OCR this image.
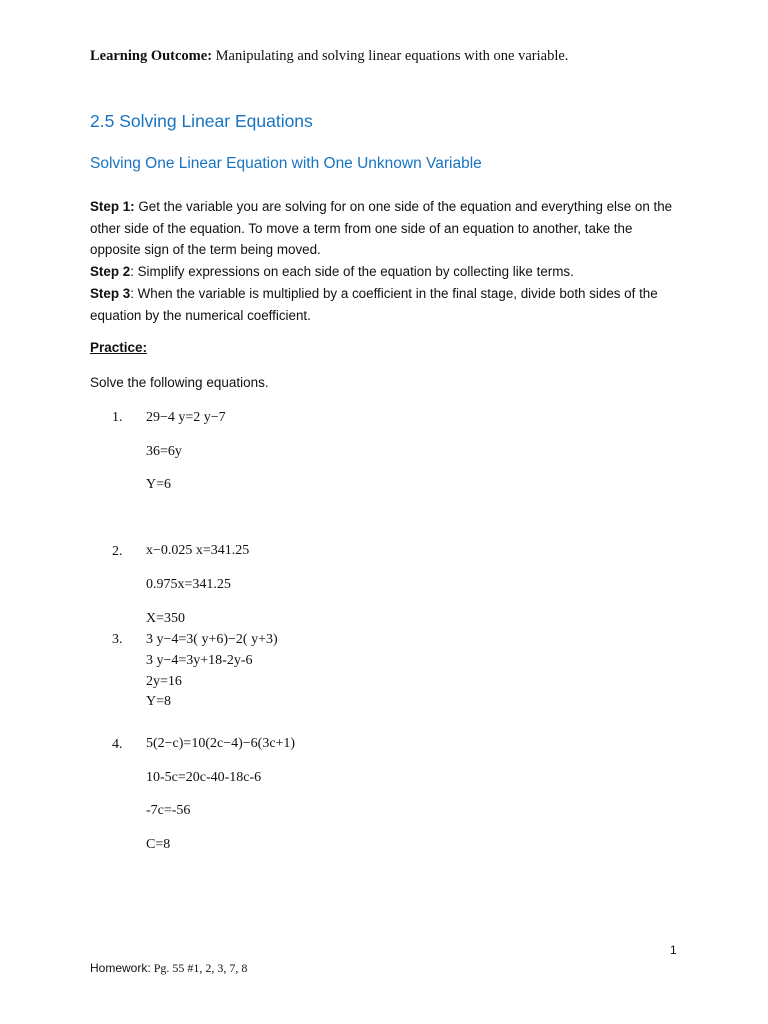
Learning Outcome: Manipulating and solving linear equations with one variable.
2.5 Solving Linear Equations
Solving One Linear Equation with One Unknown Variable
Step 1: Get the variable you are solving for on one side of the equation and everything else on the other side of the equation. To move a term from one side of an equation to another, take the opposite sign of the term being moved.
Step 2: Simplify expressions on each side of the equation by collecting like terms.
Step 3: When the variable is multiplied by a coefficient in the final stage, divide both sides of the equation by the numerical coefficient.
Practice:
Solve the following equations.
1. 29−4 y=2 y−7
36=6y
Y=6
2. x−0.025 x=341.25
0.975x=341.25
X=350
3. 3 y−4=3( y+6)−2( y+3)
3 y−4=3y+18-2y-6
2y=16
Y=8
4. 5(2−c)=10(2c−4)−6(3c+1)
10-5c=20c-40-18c-6
-7c=-56
C=8
1
Homework: Pg. 55 #1, 2, 3, 7, 8
